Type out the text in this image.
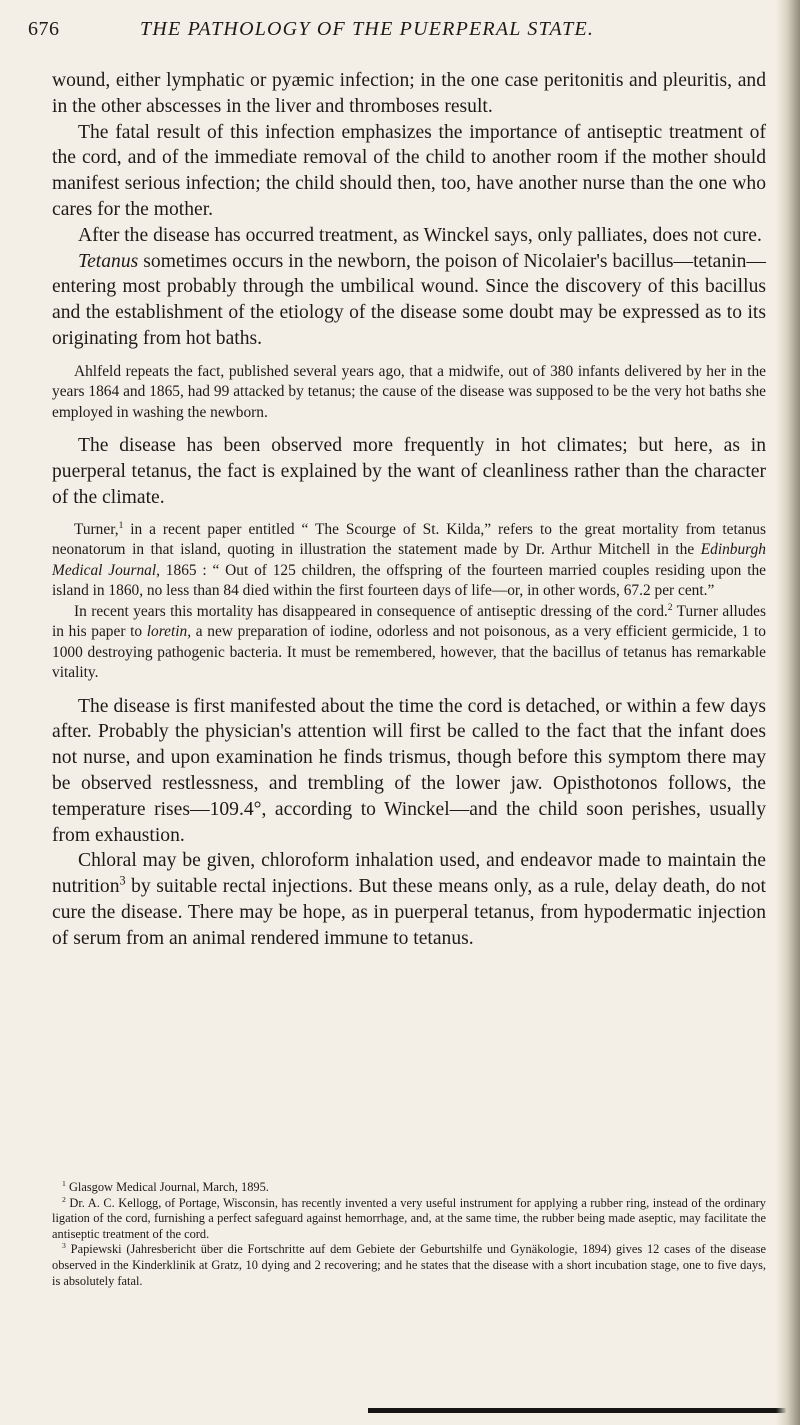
676	THE PATHOLOGY OF THE PUERPERAL STATE.

wound, either lymphatic or pyæmic infection; in the one case peritonitis and pleuritis, and in the other abscesses in the liver and thromboses result.

The fatal result of this infection emphasizes the importance of antiseptic treatment of the cord, and of the immediate removal of the child to another room if the mother should manifest serious infection; the child should then, too, have another nurse than the one who cares for the mother.

After the disease has occurred treatment, as Winckel says, only palliates, does not cure.

Tetanus sometimes occurs in the newborn, the poison of Nicolaier's bacillus—tetanin—entering most probably through the umbilical wound. Since the discovery of this bacillus and the establishment of the etiology of the disease some doubt may be expressed as to its originating from hot baths.

Ahlfeld repeats the fact, published several years ago, that a midwife, out of 380 infants delivered by her in the years 1864 and 1865, had 99 attacked by tetanus; the cause of the disease was supposed to be the very hot baths she employed in washing the newborn.

The disease has been observed more frequently in hot climates; but here, as in puerperal tetanus, the fact is explained by the want of cleanliness rather than the character of the climate.

Turner,$^1$ in a recent paper entitled “ The Scourge of St. Kilda,” refers to the great mortality from tetanus neonatorum in that island, quoting in illustration the statement made by Dr. Arthur Mitchell in the Edinburgh Medical Journal, 1865 : “ Out of 125 children, the offspring of the fourteen married couples residing upon the island in 1860, no less than 84 died within the first fourteen days of life—or, in other words, 67.2 per cent.”

In recent years this mortality has disappeared in consequence of antiseptic dressing of the cord.$^2$ Turner alludes in his paper to loretin, a new preparation of iodine, odorless and not poisonous, as a very efficient germicide, 1 to 1000 destroying pathogenic bacteria. It must be remembered, however, that the bacillus of tetanus has remarkable vitality.

The disease is first manifested about the time the cord is detached, or within a few days after. Probably the physician's attention will first be called to the fact that the infant does not nurse, and upon examination he finds trismus, though before this symptom there may be observed restlessness, and trembling of the lower jaw. Opisthotonos follows, the temperature rises—109.4°, according to Winckel—and the child soon perishes, usually from exhaustion.

Chloral may be given, chloroform inhalation used, and endeavor made to maintain the nutrition$^3$ by suitable rectal injections. But these means only, as a rule, delay death, do not cure the disease. There may be hope, as in puerperal tetanus, from hypodermatic injection of serum from an animal rendered immune to tetanus.

$^1$ Glasgow Medical Journal, March, 1895.

$^2$ Dr. A. C. Kellogg, of Portage, Wisconsin, has recently invented a very useful instrument for applying a rubber ring, instead of the ordinary ligation of the cord, furnishing a perfect safeguard against hemorrhage, and, at the same time, the rubber being made aseptic, may facilitate the antiseptic treatment of the cord.

$^3$ Papiewski (Jahresbericht über die Fortschritte auf dem Gebiete der Geburtshilfe und Gynäkologie, 1894) gives 12 cases of the disease observed in the Kinderklinik at Gratz, 10 dying and 2 recovering; and he states that the disease with a short incubation stage, one to five days, is absolutely fatal.
